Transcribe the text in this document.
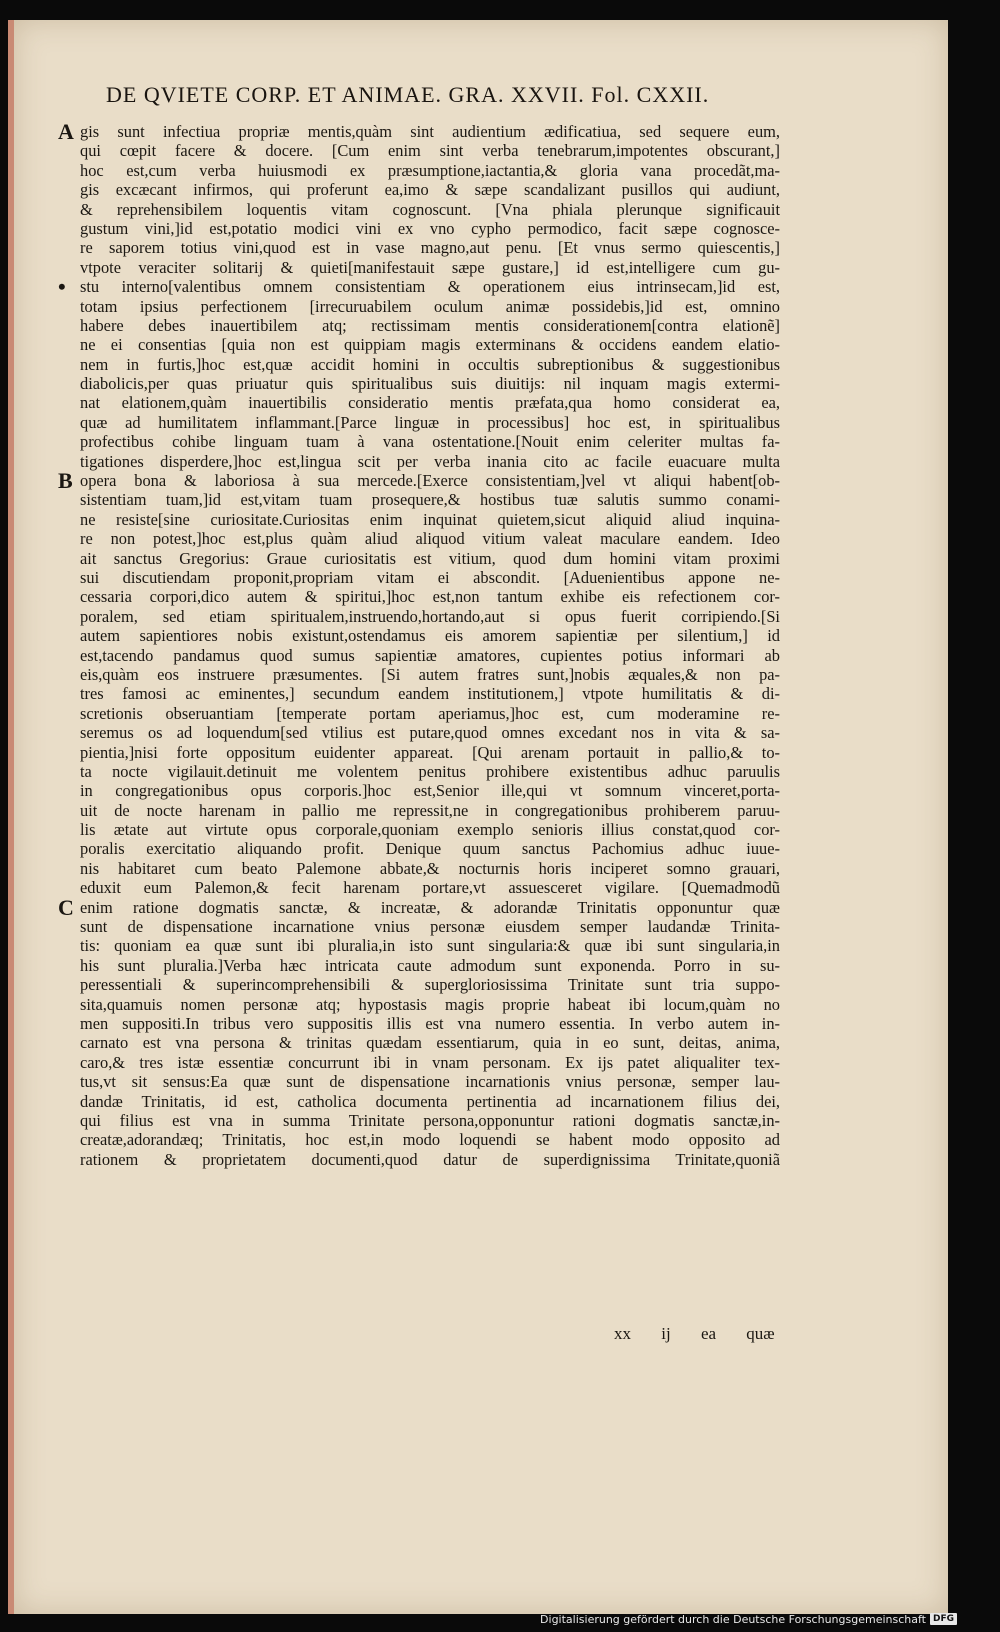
DE QVIETE CORP. ET ANIMAE. GRA. XXVII. Fol. CXXII.
A
•
B
C
gis sunt infectiua propriæ mentis,quàm sint audientium ædificatiua, sed sequere eum,
qui cœpit facere & docere. [Cum enim sint verba tenebrarum,impotentes obscurant,]
hoc est,cum verba huiusmodi ex præsumptione,iactantia,& gloria vana procedãt,ma-
gis excæcant infirmos, qui proferunt ea,imo & sæpe scandalizant pusillos qui audiunt,
& reprehensibilem loquentis vitam cognoscunt. [Vna phiala plerunque significauit
gustum vini,]id est,potatio modici vini ex vno cypho permodico, facit sæpe cognosce-
re saporem totius vini,quod est in vase magno,aut penu. [Et vnus sermo quiescentis,]
vtpote veraciter solitarij & quieti[manifestauit sæpe gustare,] id est,intelligere cum gu-
stu interno[valentibus omnem consistentiam & operationem eius intrinsecam,]id est,
totam ipsius perfectionem [irrecuruabilem oculum animæ possidebis,]id est, omnino
habere debes inauertibilem atq; rectissimam mentis considerationem[contra elationẽ]
ne ei consentias [quia non est quippiam magis exterminans & occidens eandem elatio-
nem in furtis,]hoc est,quæ accidit homini in occultis subreptionibus & suggestionibus
diabolicis,per quas priuatur quis spiritualibus suis diuitijs: nil inquam magis extermi-
nat elationem,quàm inauertibilis consideratio mentis præfata,qua homo considerat ea,
quæ ad humilitatem inflammant.[Parce linguæ in processibus] hoc est, in spiritualibus
profectibus cohibe linguam tuam à vana ostentatione.[Nouit enim celeriter multas fa-
tigationes disperdere,]hoc est,lingua scit per verba inania cito ac facile euacuare multa
opera bona & laboriosa à sua mercede.[Exerce consistentiam,]vel vt aliqui habent[ob-
sistentiam tuam,]id est,vitam tuam prosequere,& hostibus tuæ salutis summo conami-
ne resiste[sine curiositate.Curiositas enim inquinat quietem,sicut aliquid aliud inquina-
re non potest,]hoc est,plus quàm aliud aliquod vitium valeat maculare eandem. Ideo
ait sanctus Gregorius: Graue curiositatis est vitium, quod dum homini vitam proximi
sui discutiendam proponit,propriam vitam ei abscondit. [Aduenientibus appone ne-
cessaria corpori,dico autem & spiritui,]hoc est,non tantum exhibe eis refectionem cor-
poralem, sed etiam spiritualem,instruendo,hortando,aut si opus fuerit corripiendo.[Si
autem sapientiores nobis existunt,ostendamus eis amorem sapientiæ per silentium,] id
est,tacendo pandamus quod sumus sapientiæ amatores, cupientes potius informari ab
eis,quàm eos instruere præsumentes. [Si autem fratres sunt,]nobis æquales,& non pa-
tres famosi ac eminentes,] secundum eandem institutionem,] vtpote humilitatis & di-
scretionis obseruantiam [temperate portam aperiamus,]hoc est, cum moderamine re-
seremus os ad loquendum[sed vtilius est putare,quod omnes excedant nos in vita & sa-
pientia,]nisi forte oppositum euidenter appareat. [Qui arenam portauit in pallio,& to-
ta nocte vigilauit.detinuit me volentem penitus prohibere existentibus adhuc paruulis
in congregationibus opus corporis.]hoc est,Senior ille,qui vt somnum vinceret,porta-
uit de nocte harenam in pallio me repressit,ne in congregationibus prohiberem paruu-
lis ætate aut virtute opus corporale,quoniam exemplo senioris illius constat,quod cor-
poralis exercitatio aliquando profit. Denique quum sanctus Pachomius adhuc iuue-
nis habitaret cum beato Palemone abbate,& nocturnis horis inciperet somno grauari,
eduxit eum Palemon,& fecit harenam portare,vt assuesceret vigilare. [Quemadmodũ
enim ratione dogmatis sanctæ, & increatæ, & adorandæ Trinitatis opponuntur quæ
sunt de dispensatione incarnatione vnius personæ eiusdem semper laudandæ Trinita-
tis: quoniam ea quæ sunt ibi pluralia,in isto sunt singularia:& quæ ibi sunt singularia,in
his sunt pluralia.]Verba hæc intricata caute admodum sunt exponenda. Porro in su-
peressentiali & superincomprehensibili & supergloriosissima Trinitate sunt tria suppo-
sita,quamuis nomen personæ atq; hypostasis magis proprie habeat ibi locum,quàm no
men suppositi.In tribus vero suppositis illis est vna numero essentia. In verbo autem in-
carnato est vna persona & trinitas quædam essentiarum, quia in eo sunt, deitas, anima,
caro,& tres istæ essentiæ concurrunt ibi in vnam personam. Ex ijs patet aliqualiter tex-
tus,vt sit sensus:Ea quæ sunt de dispensatione incarnationis vnius personæ, semper lau-
dandæ Trinitatis, id est, catholica documenta pertinentia ad incarnationem filius dei,
qui filius est vna in summa Trinitate persona,opponuntur rationi dogmatis sanctæ,in-
creatæ,adorandæq; Trinitatis, hoc est,in modo loquendi se habent modo opposito ad
rationem & proprietatem documenti,quod datur de superdignissima Trinitate,quoniã
xx ij ea quæ
Digitalisierung gefördert durch die Deutsche Forschungsgemeinschaft DFG
